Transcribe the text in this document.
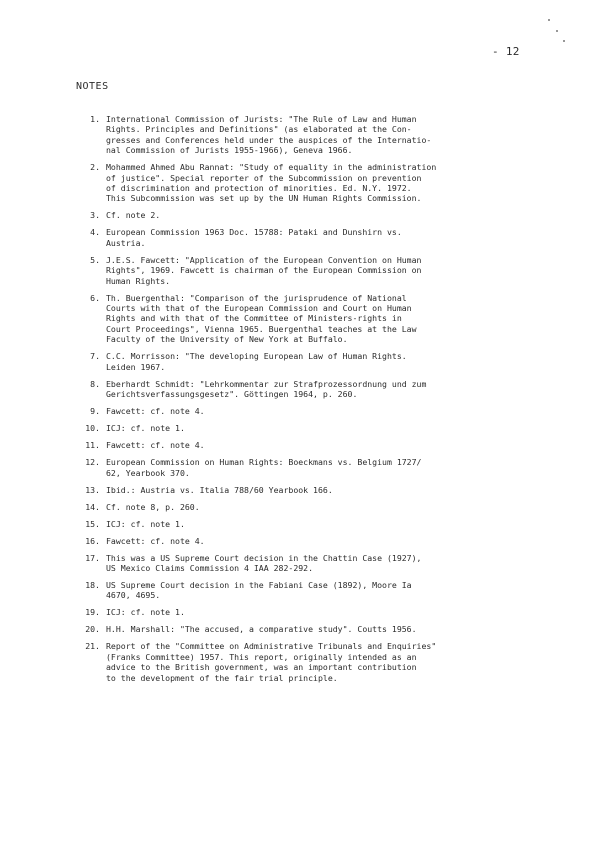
- 12
NOTES
1. International Commission of Jurists: "The Rule of Law and Human
Rights. Principles and Definitions" (as elaborated at the Con-
gresses and Conferences held under the auspices of the Internatio-
nal Commission of Jurists 1955-1966), Geneva 1966.
2. Mohammed Ahmed Abu Rannat: "Study of equality in the administration
of justice". Special reporter of the Subcommission on prevention
of discrimination and protection of minorities. Ed. N.Y. 1972.
This Subcommission was set up by the UN Human Rights Commission.
3. Cf. note 2.
4. European Commission 1963 Doc. 15788: Pataki and Dunshirn vs.
Austria.
5. J.E.S. Fawcett: "Application of the European Convention on Human
Rights", 1969. Fawcett is chairman of the European Commission on
Human Rights.
6. Th. Buergenthal: "Comparison of the jurisprudence of National
Courts with that of the European Commission and Court on Human
Rights and with that of the Committee of Ministers-rights in
Court Proceedings", Vienna 1965. Buergenthal teaches at the Law
Faculty of the University of New York at Buffalo.
7. C.C. Morrisson: "The developing European Law of Human Rights.
Leiden 1967.
8. Eberhardt Schmidt: "Lehrkommentar zur Strafprozessordnung und zum
Gerichtsverfassungsgesetz". Göttingen 1964, p. 260.
9. Fawcett: cf. note 4.
10. ICJ: cf. note 1.
11. Fawcett: cf. note 4.
12. European Commission on Human Rights: Boeckmans vs. Belgium 1727/
62, Yearbook 370.
13. Ibid.: Austria vs. Italia 788/60 Yearbook 166.
14. Cf. note 8, p. 260.
15. ICJ: cf. note 1.
16. Fawcett: cf. note 4.
17. This was a US Supreme Court decision in the Chattin Case (1927),
US Mexico Claims Commission 4 IAA 282-292.
18. US Supreme Court decision in the Fabiani Case (1892), Moore Ia
4670, 4695.
19. ICJ: cf. note 1.
20. H.H. Marshall: "The accused, a comparative study". Coutts 1956.
21. Report of the "Committee on Administrative Tribunals and Enquiries"
(Franks Committee) 1957. This report, originally intended as an
advice to the British government, was an important contribution
to the development of the fair trial principle.
